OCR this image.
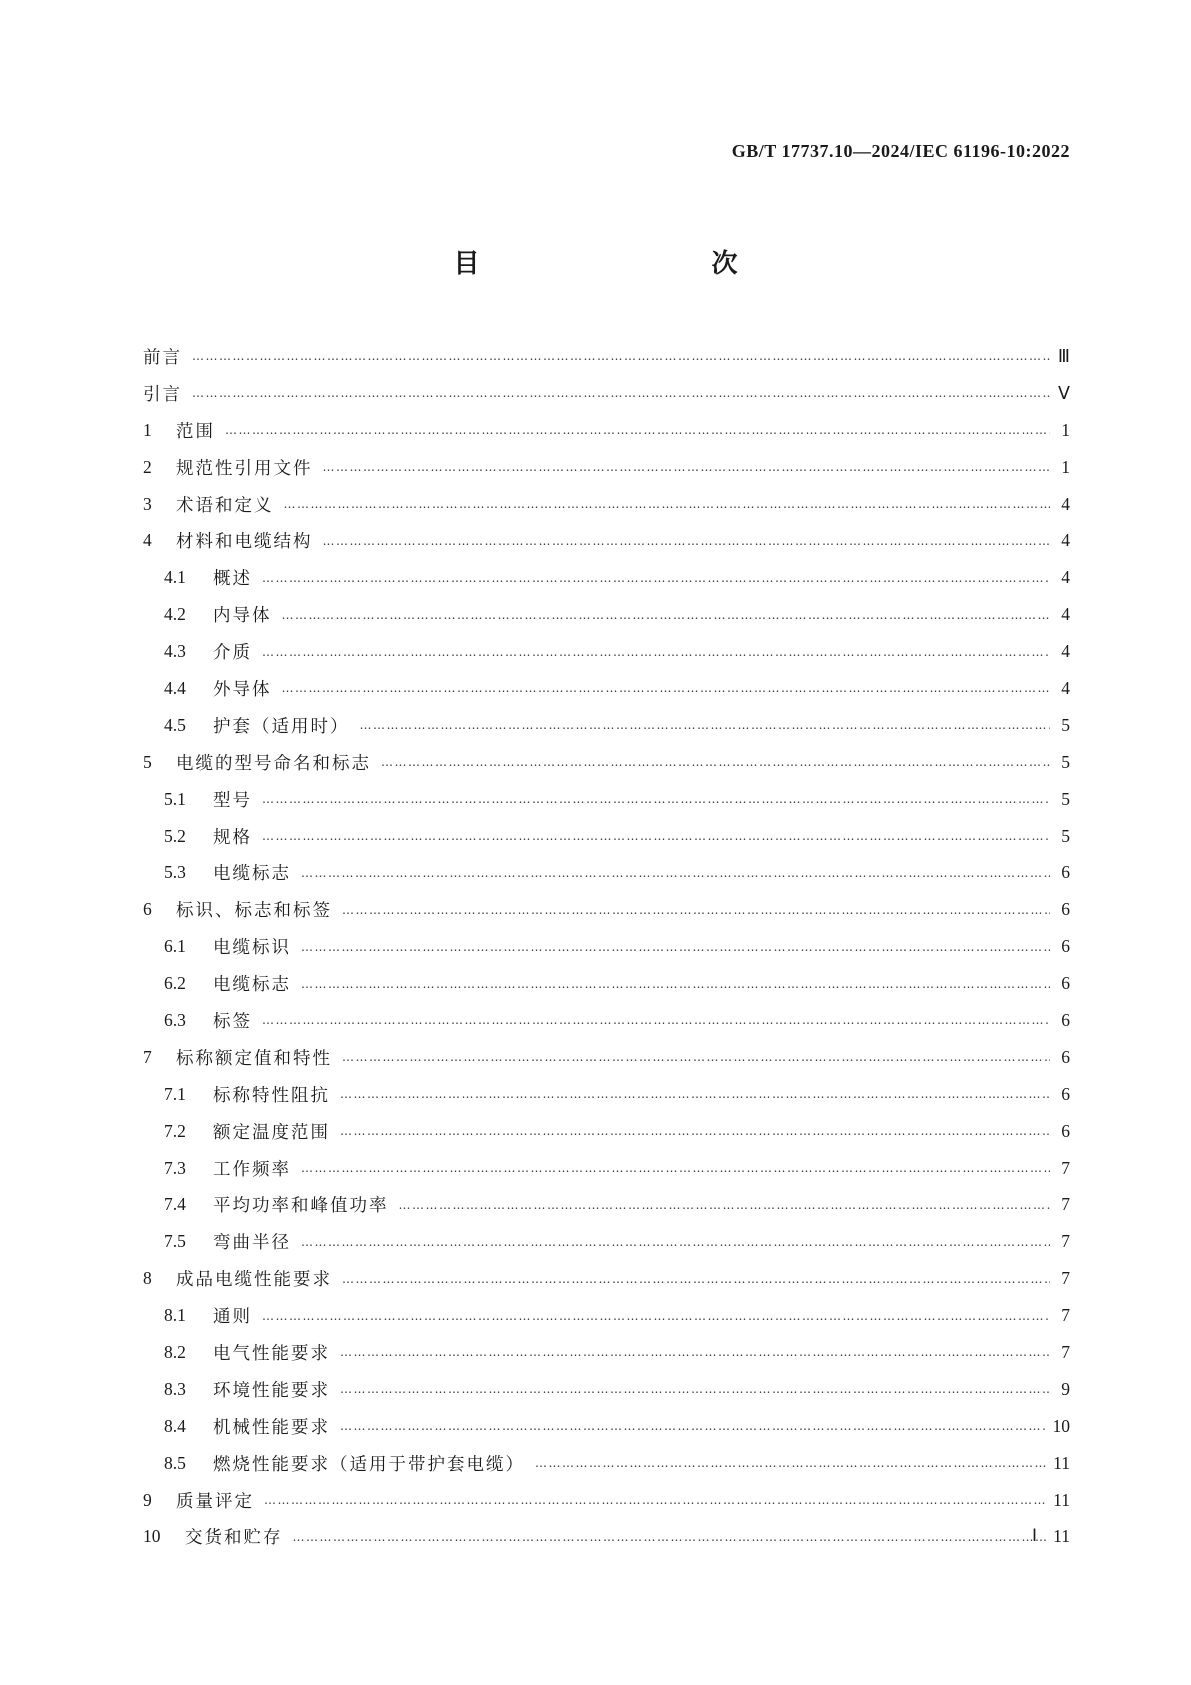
GB/T 17737.10—2024/IEC 61196-10:2022
目　　次
前言 ………………………………………………………………………………………………………………………………………………………………………………………………………………………………………………………………	Ⅲ
引言 ………………………………………………………………………………………………………………………………………………………………………………………………………………………………………………………………	Ⅴ
1	范围 ………………………………………………………………………………………………………………………………………………………………………………………………………………………………………………………………	1
2	规范性引用文件 ………………………………………………………………………………………………………………………………………………………………………………………………………………………………………………………………	1
3	术语和定义 ………………………………………………………………………………………………………………………………………………………………………………………………………………………………………………………………	4
4	材料和电缆结构 ………………………………………………………………………………………………………………………………………………………………………………………………………………………………………………………………	4
4.1	概述 ………………………………………………………………………………………………………………………………………………………………………………………………………………………………………………………………	4
4.2	内导体 ………………………………………………………………………………………………………………………………………………………………………………………………………………………………………………………………	4
4.3	介质 ………………………………………………………………………………………………………………………………………………………………………………………………………………………………………………………………	4
4.4	外导体 ………………………………………………………………………………………………………………………………………………………………………………………………………………………………………………………………	4
4.5	护套（适用时） ………………………………………………………………………………………………………………………………………………………………………………………………………………………………………………………………	5
5	电缆的型号命名和标志 ………………………………………………………………………………………………………………………………………………………………………………………………………………………………………………………………	5
5.1	型号 ………………………………………………………………………………………………………………………………………………………………………………………………………………………………………………………………	5
5.2	规格 ………………………………………………………………………………………………………………………………………………………………………………………………………………………………………………………………	5
5.3	电缆标志 ………………………………………………………………………………………………………………………………………………………………………………………………………………………………………………………………	6
6	标识、标志和标签 ………………………………………………………………………………………………………………………………………………………………………………………………………………………………………………………………	6
6.1	电缆标识 ………………………………………………………………………………………………………………………………………………………………………………………………………………………………………………………………	6
6.2	电缆标志 ………………………………………………………………………………………………………………………………………………………………………………………………………………………………………………………………	6
6.3	标签 ………………………………………………………………………………………………………………………………………………………………………………………………………………………………………………………………	6
7	标称额定值和特性 ………………………………………………………………………………………………………………………………………………………………………………………………………………………………………………………………	6
7.1	标称特性阻抗 ………………………………………………………………………………………………………………………………………………………………………………………………………………………………………………………………	6
7.2	额定温度范围 ………………………………………………………………………………………………………………………………………………………………………………………………………………………………………………………………	6
7.3	工作频率 ………………………………………………………………………………………………………………………………………………………………………………………………………………………………………………………………	7
7.4	平均功率和峰值功率 ………………………………………………………………………………………………………………………………………………………………………………………………………………………………………………………………	7
7.5	弯曲半径 ………………………………………………………………………………………………………………………………………………………………………………………………………………………………………………………………	7
8	成品电缆性能要求 ………………………………………………………………………………………………………………………………………………………………………………………………………………………………………………………………	7
8.1	通则 ………………………………………………………………………………………………………………………………………………………………………………………………………………………………………………………………	7
8.2	电气性能要求 ………………………………………………………………………………………………………………………………………………………………………………………………………………………………………………………………	7
8.3	环境性能要求 ………………………………………………………………………………………………………………………………………………………………………………………………………………………………………………………………	9
8.4	机械性能要求 ………………………………………………………………………………………………………………………………………………………………………………………………………………………………………………………………	10
8.5	燃烧性能要求（适用于带护套电缆） ………………………………………………………………………………………………………………………………………………………………………………………………………………………………………………………………	11
9	质量评定 ………………………………………………………………………………………………………………………………………………………………………………………………………………………………………………………………	11
10	交货和贮存 ………………………………………………………………………………………………………………………………………………………………………………………………………………………………………………………………	11
Ⅰ
